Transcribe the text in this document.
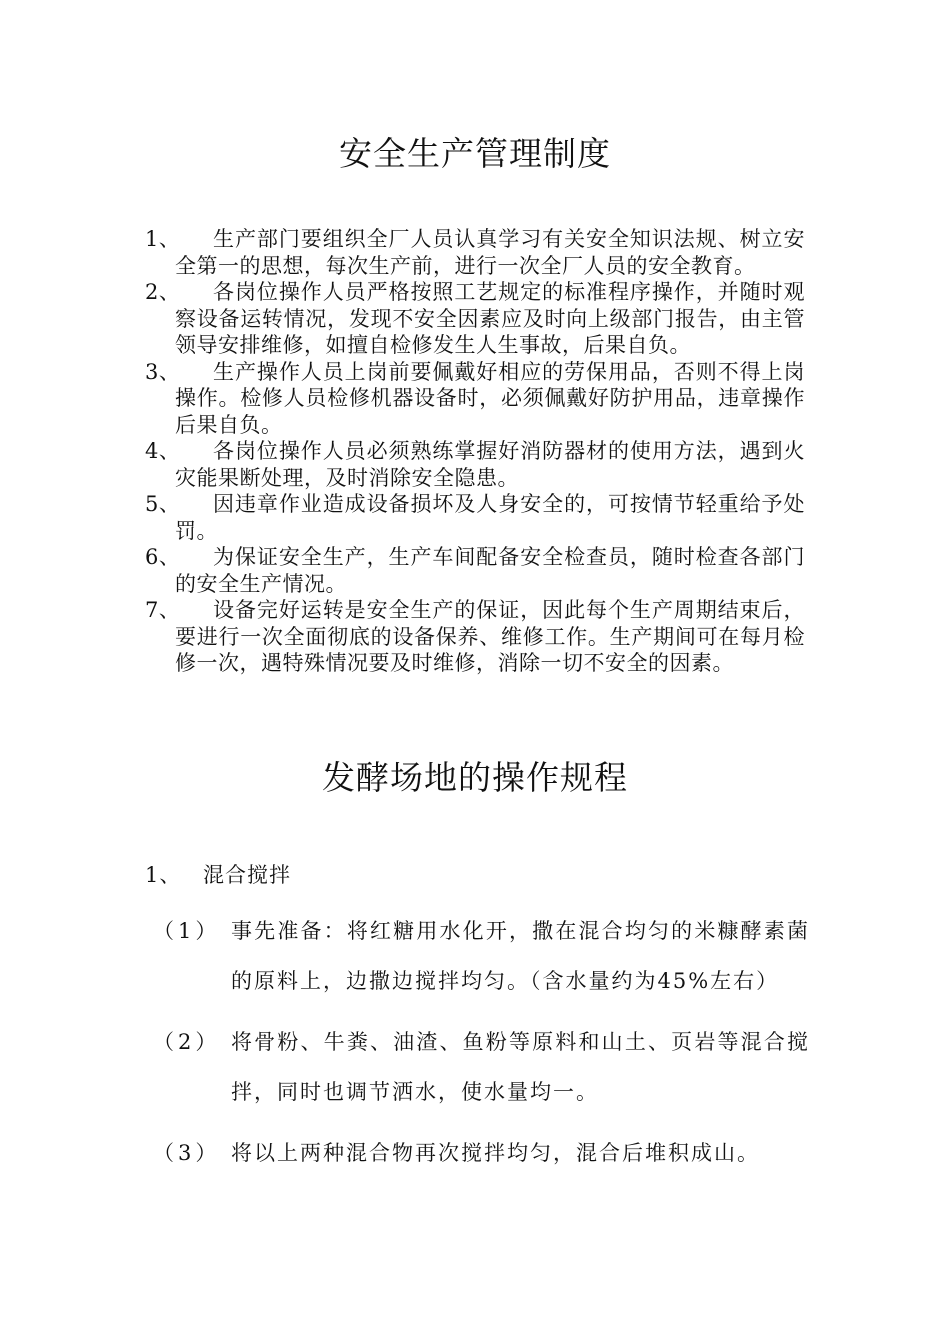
安全生产管理制度
1、	生产部门要组织全厂人员认真学习有关安全知识法规、树立安全第一的思想，每次生产前，进行一次全厂人员的安全教育。
2、	各岗位操作人员严格按照工艺规定的标准程序操作，并随时观察设备运转情况，发现不安全因素应及时向上级部门报告，由主管领导安排维修，如擅自检修发生人生事故，后果自负。
3、	生产操作人员上岗前要佩戴好相应的劳保用品，否则不得上岗操作。检修人员检修机器设备时，必须佩戴好防护用品，违章操作后果自负。
4、	各岗位操作人员必须熟练掌握好消防器材的使用方法，遇到火灾能果断处理，及时消除安全隐患。
5、	因违章作业造成设备损坏及人身安全的，可按情节轻重给予处罚。
6、	为保证安全生产，生产车间配备安全检查员，随时检查各部门的安全生产情况。
7、	设备完好运转是安全生产的保证，因此每个生产周期结束后，要进行一次全面彻底的设备保养、维修工作。生产期间可在每月检修一次，遇特殊情况要及时维修，消除一切不安全的因素。
发酵场地的操作规程
1、 混合搅拌
（1） 事先准备：将红糖用水化开，撒在混合均匀的米糠酵素菌的原料上，边撒边搅拌均匀。（含水量约为45%左右）
（2） 将骨粉、牛粪、油渣、鱼粉等原料和山土、页岩等混合搅拌，同时也调节洒水，使水量均一。
（3） 将以上两种混合物再次搅拌均匀，混合后堆积成山。
